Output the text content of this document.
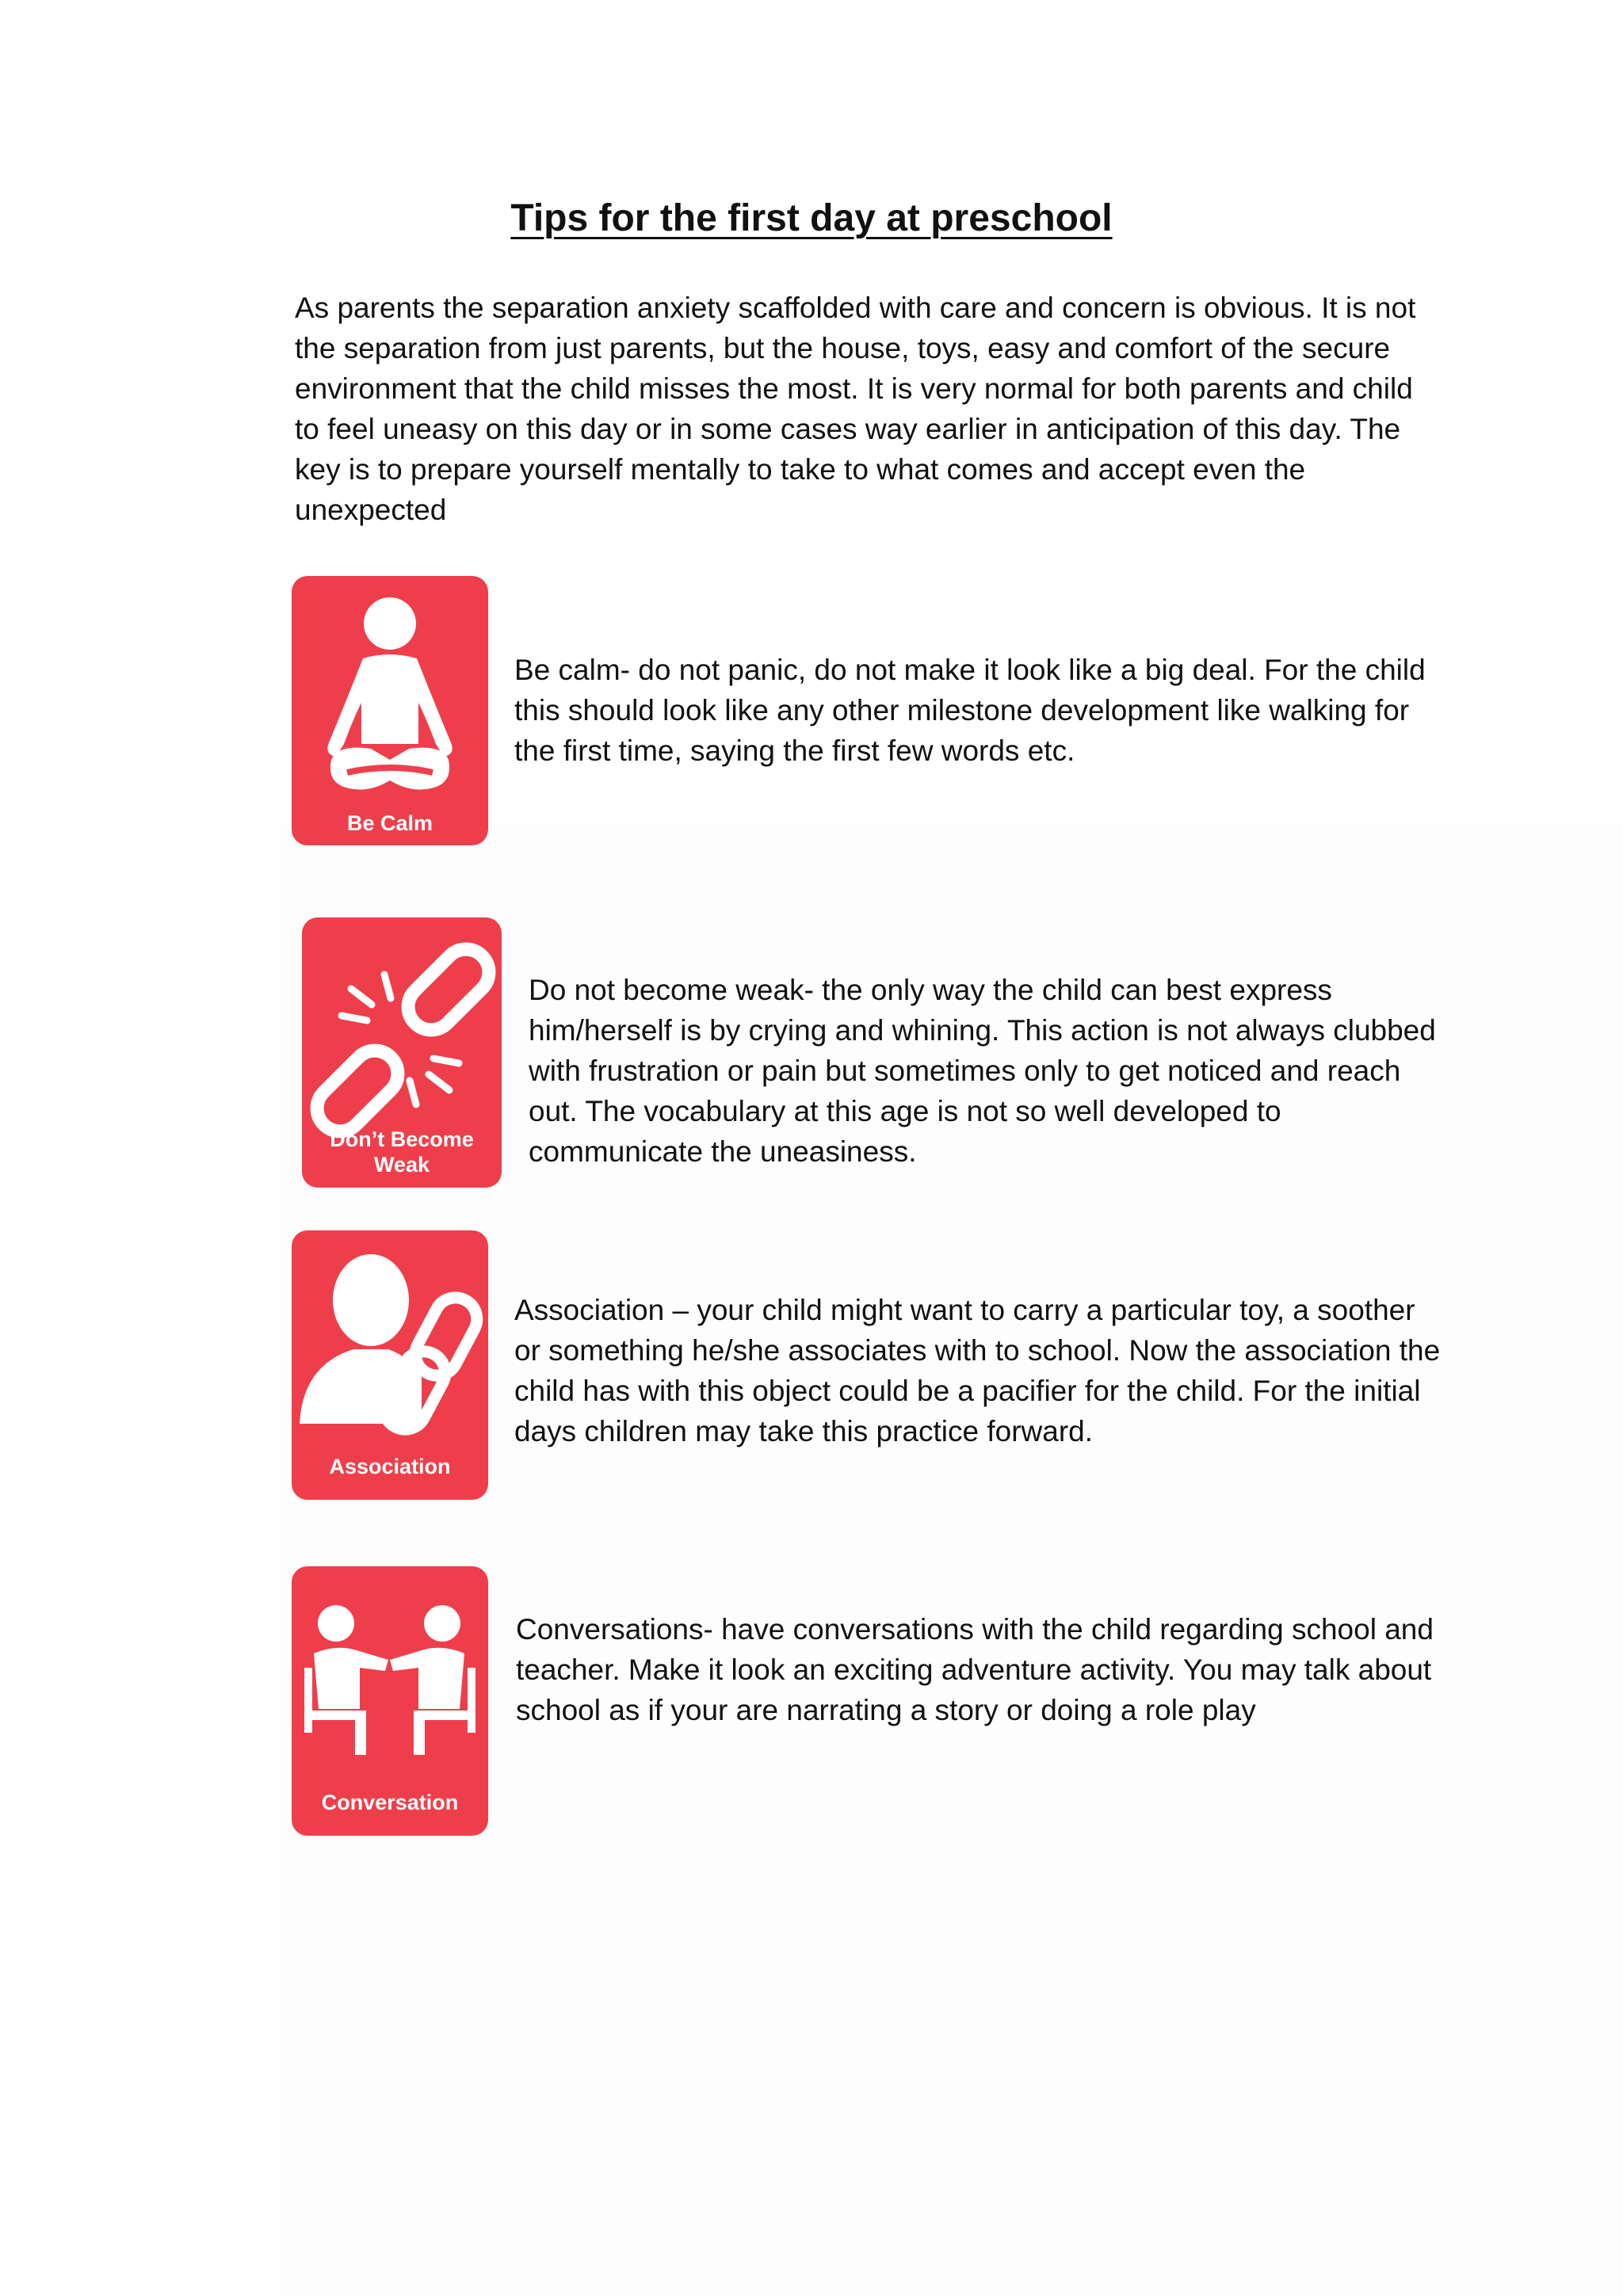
Tips for the first day at preschool

As parents the separation anxiety scaffolded with care and concern is obvious. It is not the separation from just parents, but the house, toys, easy and comfort of the secure environment that the child misses the most. It is very normal for both parents and child to feel uneasy on this day or in some cases way earlier in anticipation of this day. The key is to prepare yourself mentally to take to what comes and accept even the unexpected

Be Calm

Be calm- do not panic, do not make it look like a big deal. For the child this should look like any other milestone development like walking for the first time, saying the first few words etc.

Don’t Become Weak

Do not become weak- the only way the child can best express him/herself is by crying and whining. This action is not always clubbed with frustration or pain but sometimes only to get noticed and reach out. The vocabulary at this age is not so well developed to communicate the uneasiness.

Association

Association – your child might want to carry a particular toy, a soother or something he/she associates with to school. Now the association the child has with this object could be a pacifier for the child. For the initial days children may take this practice forward.

Conversation

Conversations- have conversations with the child regarding school and teacher. Make it look an exciting adventure activity. You may talk about school as if your are narrating a story or doing a role play
